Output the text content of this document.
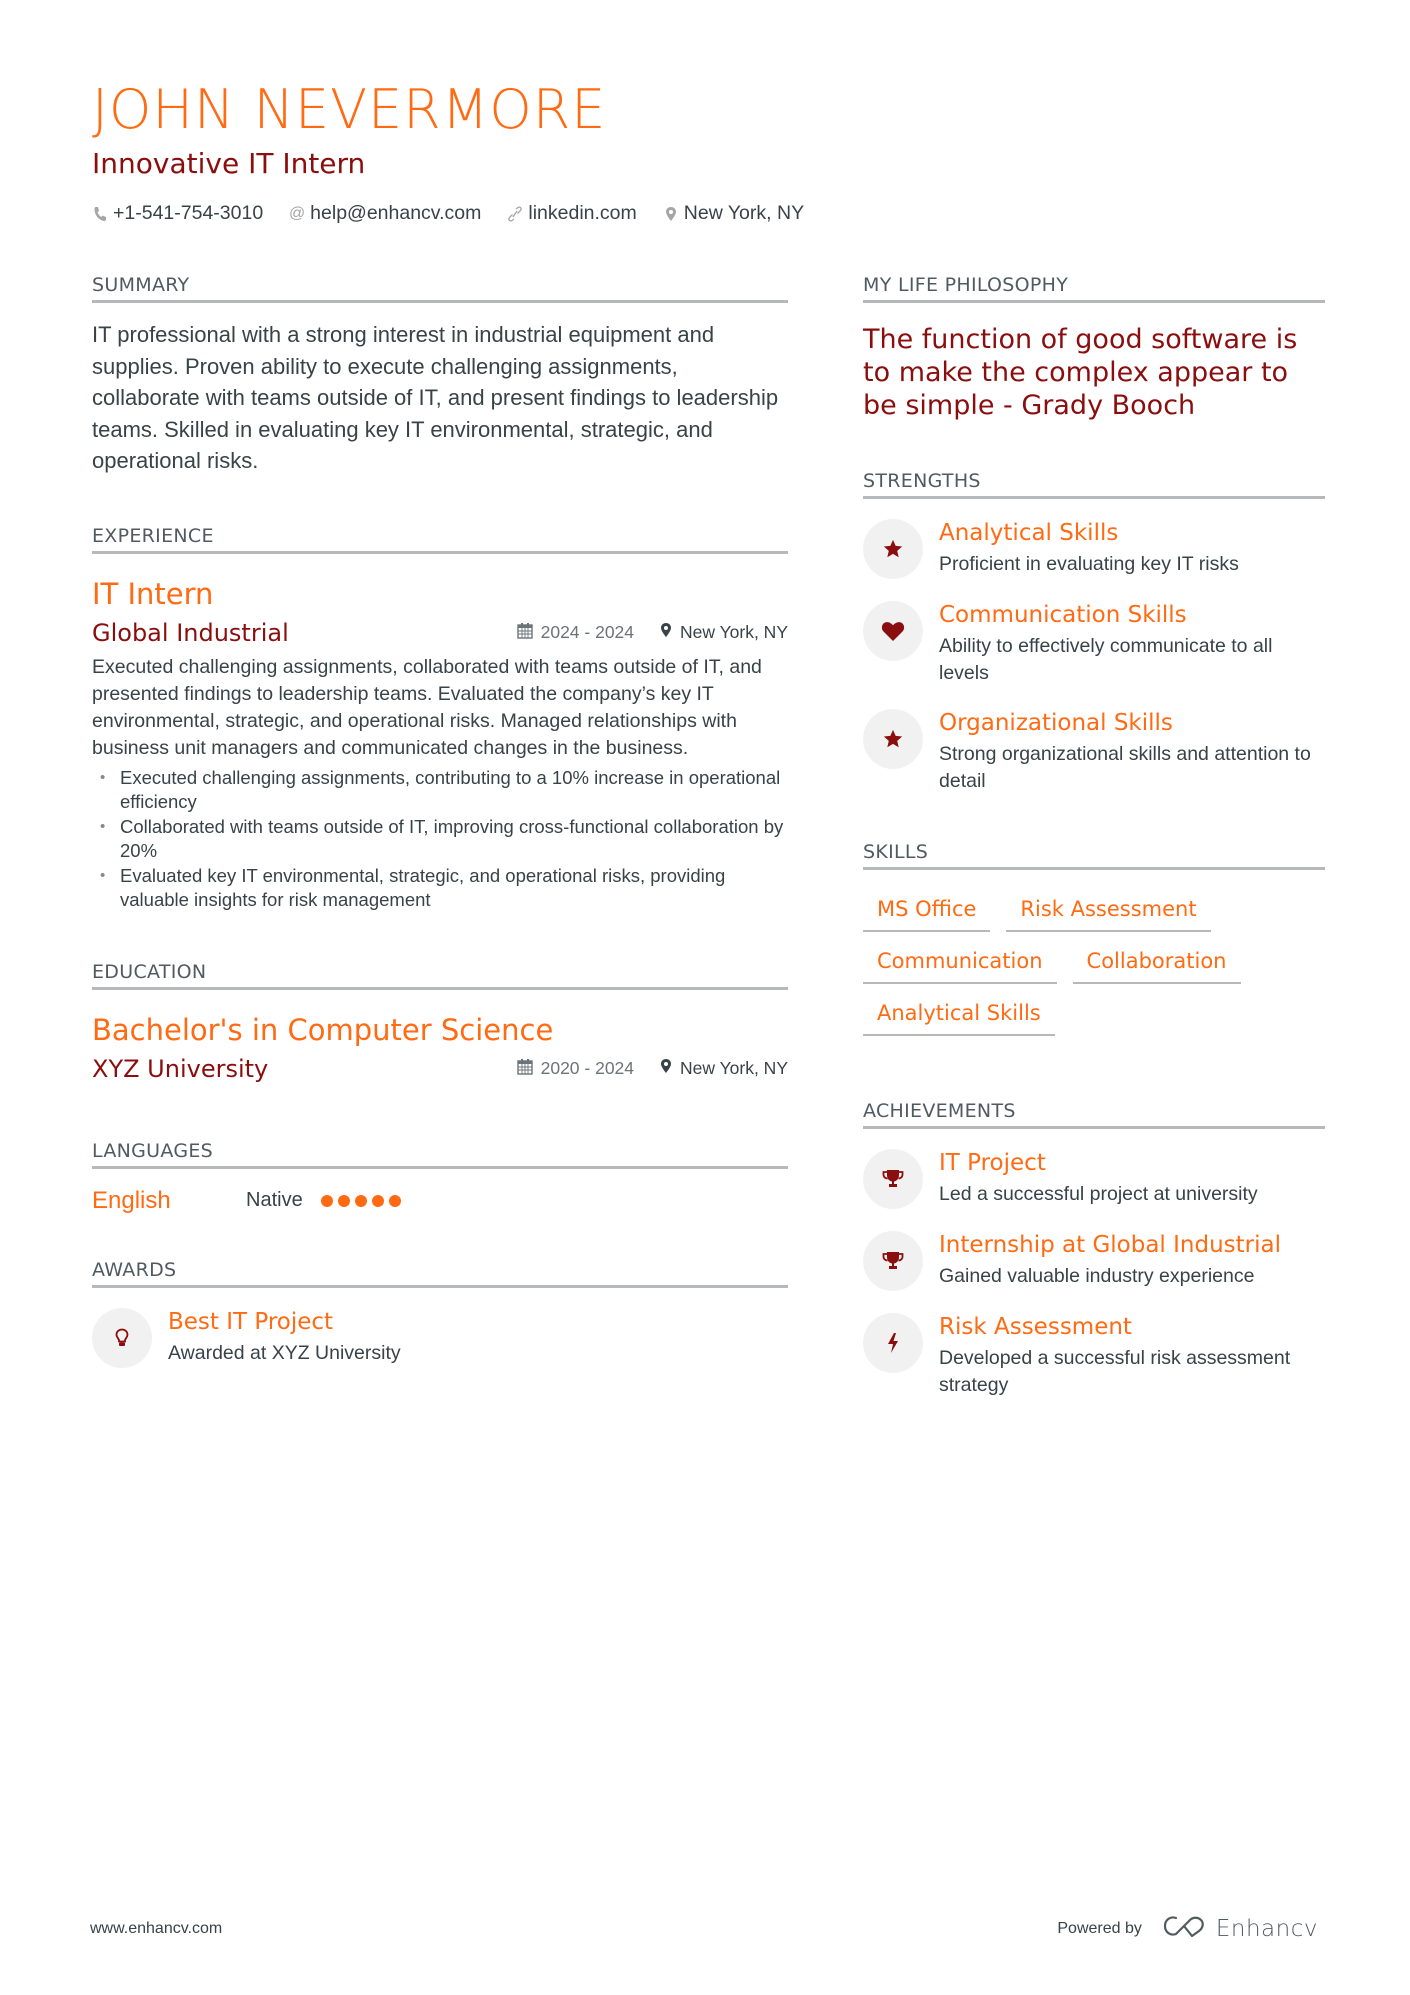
JOHN NEVERMORE
Innovative IT Intern
+1-541-754-3010 @ help@enhancv.com linkedin.com New York, NY
SUMMARY

IT professional with a strong interest in industrial equipment and supplies. Proven ability to execute challenging assignments, collaborate with teams outside of IT, and present findings to leadership teams. Skilled in evaluating key IT environmental, strategic, and operational risks.

EXPERIENCE
IT Intern
Global Industrial	2024 - 2024	New York, NY

Executed challenging assignments, collaborated with teams outside of IT, and presented findings to leadership teams. Evaluated the company’s key IT environmental, strategic, and operational risks. Managed relationships with business unit managers and communicated changes in the business.

• Executed challenging assignments, contributing to a 10% increase in operational efficiency
• Collaborated with teams outside of IT, improving cross-functional collaboration by 20%
• Evaluated key IT environmental, strategic, and operational risks, providing valuable insights for risk management
EDUCATION
Bachelor's in Computer Science
XYZ University	2020 - 2024	New York, NY
LANGUAGES
English	Native
AWARDS
Best IT Project
Awarded at XYZ University
MY LIFE PHILOSOPHY

The function of good software is to make the complex appear to be simple - Grady Booch

STRENGTHS
Analytical Skills
Proficient in evaluating key IT risks
Communication Skills
Ability to effectively communicate to all levels
Organizational Skills
Strong organizational skills and attention to detail
SKILLS
MS Office	Risk Assessment
Communication	Collaboration
Analytical Skills
ACHIEVEMENTS
IT Project
Led a successful project at university
Internship at Global Industrial
Gained valuable industry experience
Risk Assessment
Developed a successful risk assessment strategy
www.enhancv.com	Powered by	Enhancv
